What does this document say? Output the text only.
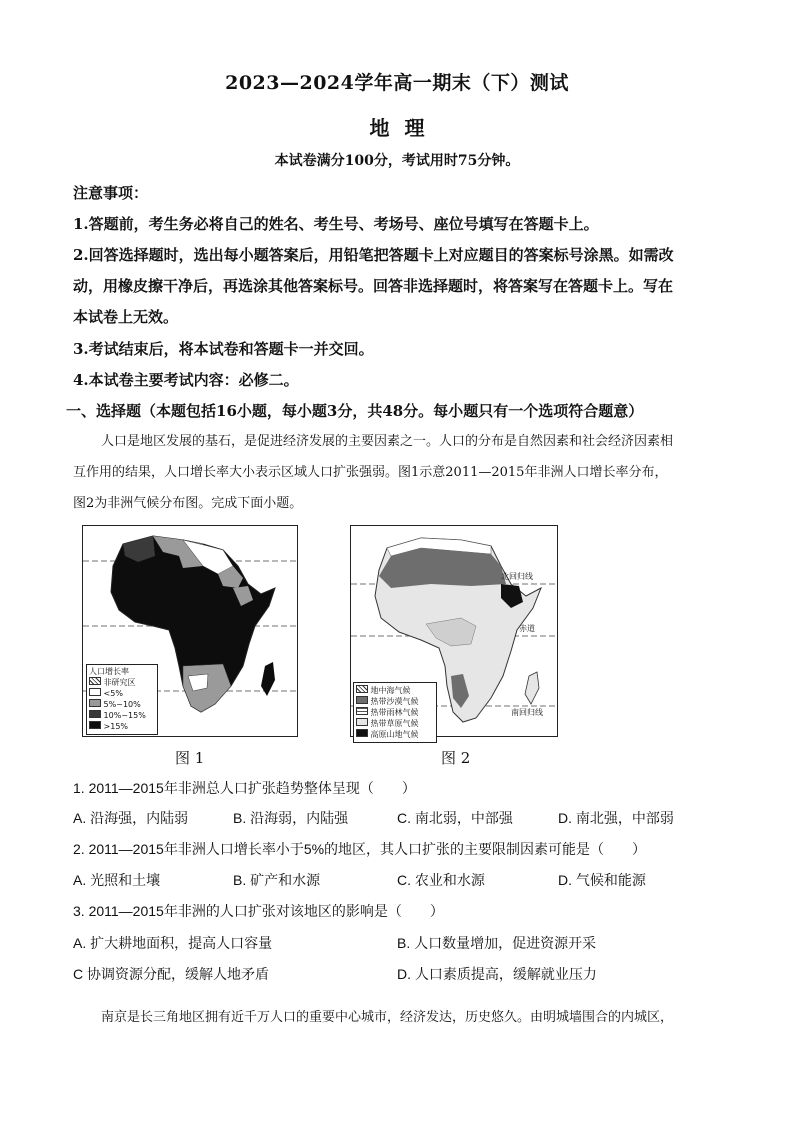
2023—2024学年高一期末（下）测试
地 理
本试卷满分100分，考试用时75分钟。
注意事项：
1.答题前，考生务必将自己的姓名、考生号、考场号、座位号填写在答题卡上。
2.回答选择题时，选出每小题答案后，用铅笔把答题卡上对应题目的答案标号涂黑。如需改
动，用橡皮擦干净后，再选涂其他答案标号。回答非选择题时，将答案写在答题卡上。写在
本试卷上无效。
3.考试结束后，将本试卷和答题卡一并交回。
4.本试卷主要考试内容：必修二。
一、选择题（本题包括16小题，每小题3分，共48分。每小题只有一个选项符合题意）
人口是地区发展的基石，是促进经济发展的主要因素之一。人口的分布是自然因素和社会经济因素相
互作用的结果，人口增长率大小表示区域人口扩张强弱。图1示意2011—2015年非洲人口增长率分布，
图2为非洲气候分布图。完成下面小题。
人口增长率
非研究区
<5%
5%~10%
10%~15%
>15%
图 1
北回归线
赤道
南回归线
地中海气候
热带沙漠气候
热带雨林气候
热带草原气候
高原山地气候
图 2
1. 2011—2015年非洲总人口扩张趋势整体呈现（　　）
A. 沿海强，内陆弱	B. 沿海弱，内陆强	C. 南北弱，中部强	D. 南北强，中部弱
2. 2011—2015年非洲人口增长率小于5%的地区，其人口扩张的主要限制因素可能是（　　）
A. 光照和土壤	B. 矿产和水源	C. 农业和水源	D. 气候和能源
3. 2011—2015年非洲的人口扩张对该地区的影响是（　　）
A. 扩大耕地面积，提高人口容量	B. 人口数量增加，促进资源开采
C 协调资源分配，缓解人地矛盾	D. 人口素质提高，缓解就业压力
南京是长三角地区拥有近千万人口的重要中心城市，经济发达，历史悠久。由明城墙围合的内城区，
